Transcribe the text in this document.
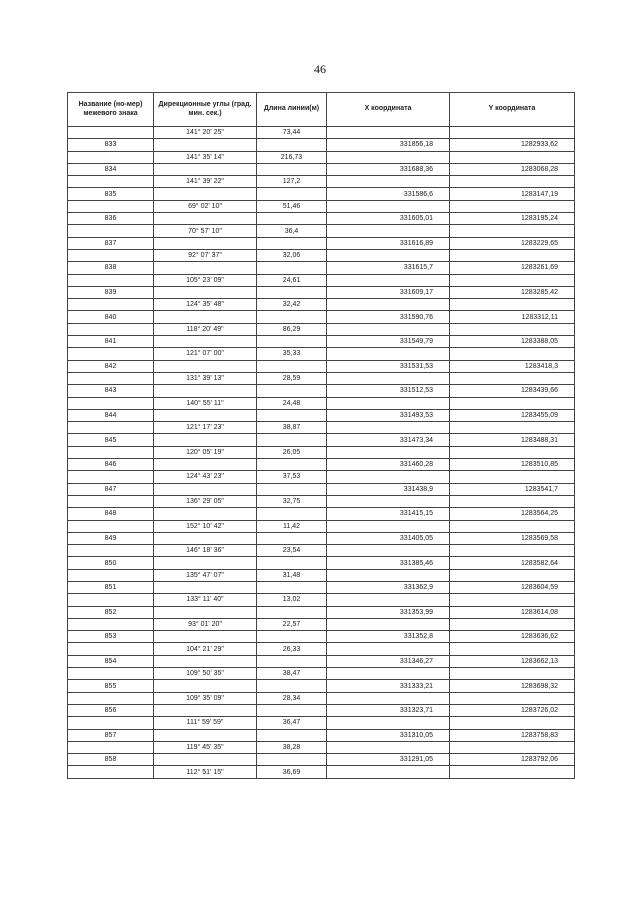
46
Название (но-мер) межевого знака	Дирекционные углы (град. мин. сек.)	Длина линии(м)	X координата	Y координата
	141° 20' 25"	73,44		
833			331856,18	1282933,62
	141° 35' 14"	216,73		
834			331688,36	1283068,28
	141° 39' 22"	127,2		
835			331586,6	1283147,19
	69° 02' 10"	51,46		
836			331605,01	1283195,24
	70° 57' 10"	36,4		
837			331616,89	1283229,65
	92° 07' 37"	32,06		
838			331615,7	1283261,69
	105° 23' 09"	24,61		
839			331609,17	1283285,42
	124° 35' 48"	32,42		
840			331590,76	1283312,11
	118° 20' 49"	86,29		
841			331549,79	1283388,05
	121° 07' 00"	35,33		
842			331531,53	1283418,3
	131° 39' 13"	28,59		
843			331512,53	1283439,66
	140° 55' 11"	24,48		
844			331493,53	1283455,09
	121° 17' 23"	38,87		
845			331473,34	1283488,31
	120° 05' 19"	26,05		
846			331460,28	1283510,85
	124° 43' 23"	37,53		
847			331438,9	1283541,7
	136° 29' 05"	32,75		
848			331415,15	1283564,25
	152° 10' 42"	11,42		
849			331405,05	1283569,58
	146° 18' 36"	23,54		
850			331385,46	1283582,64
	135° 47' 07"	31,48		
851			331362,9	1283604,59
	133° 11' 40"	13,02		
852			331353,99	1283614,08
	93° 01' 20"	22,57		
853			331352,8	1283636,62
	104° 21' 29"	26,33		
854			331346,27	1283662,13
	109° 50' 35"	38,47		
855			331333,21	1283698,32
	109° 35' 09"	28,34		
856			331323,71	1283726,02
	111° 59' 59"	36,47		
857			331310,05	1283758,83
	119° 45' 35"	38,28		
858			331291,05	1283792,06
	112° 51' 15"	36,69		
